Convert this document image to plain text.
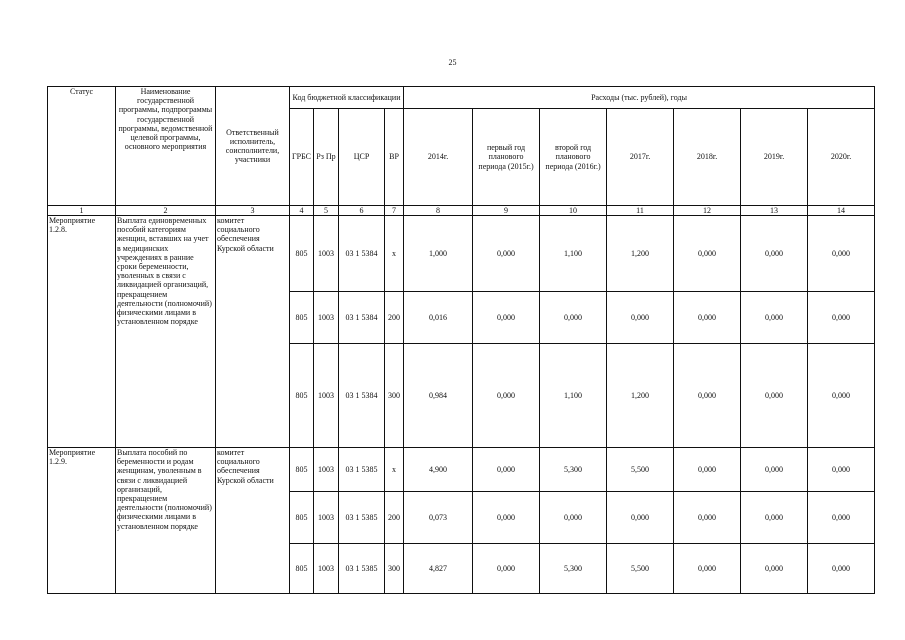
25
Статус	Наименование государственной программы, подпрограммы государственной программы, ведомственной целевой программы, основного мероприятия	Ответственный исполнитель, соисполнители, участники	Код бюджетной классификации				Расходы (тыс. рублей), годы						
			ГРБС	Рз Пр	ЦСР	ВР	2014г.	первый год планового периода (2015г.)	второй год планового периода (2016г.)	2017г.	2018г.	2019г.	2020г.
1	2	3	4	5	6	7	8	9	10	11	12	13	14
Мероприятие 1.2.8.	Выплата единовременных пособий категориям женщин, вставших на учет в медицинских учреждениях в ранние сроки беременности, уволенных в связи с ликвидацией организаций, прекращением деятельности (полномочий) физическими лицами в установленном порядке	комитет социального обеспечения Курской области	805	1003	03 1 5384	x	1,000	0,000	1,100	1,200	0,000	0,000	0,000
			805	1003	03 1 5384	200	0,016	0,000	0,000	0,000	0,000	0,000	0,000
			805	1003	03 1 5384	300	0,984	0,000	1,100	1,200	0,000	0,000	0,000
Мероприятие 1.2.9.	Выплата пособий по беременности и родам женщинам, уволенным в связи с ликвидацией организаций, прекращением деятельности (полномочий) физическими лицами в установленном порядке	комитет социального обеспечения Курской области	805	1003	03 1 5385	x	4,900	0,000	5,300	5,500	0,000	0,000	0,000
			805	1003	03 1 5385	200	0,073	0,000	0,000	0,000	0,000	0,000	0,000
			805	1003	03 1 5385	300	4,827	0,000	5,300	5,500	0,000	0,000	0,000
